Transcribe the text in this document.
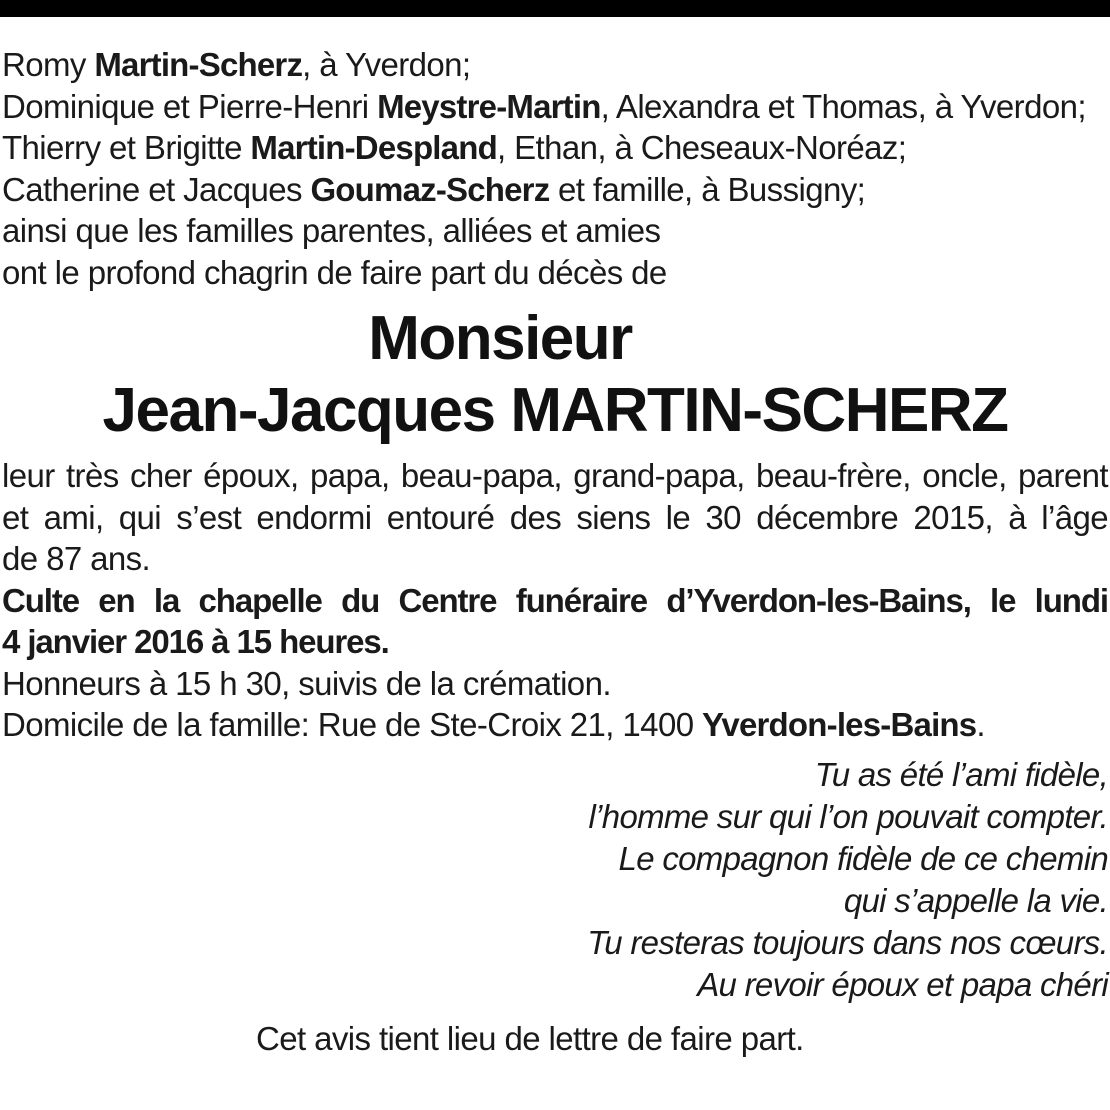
Romy Martin-Scherz, à Yverdon;
Dominique et Pierre-Henri Meystre-Martin, Alexandra et Thomas, à Yverdon;
Thierry et Brigitte Martin-Despland, Ethan, à Cheseaux-Noréaz;
Catherine et Jacques Goumaz-Scherz et famille, à Bussigny;
ainsi que les familles parentes, alliées et amies
ont le profond chagrin de faire part du décès de
Monsieur
Jean-Jacques MARTIN-SCHERZ
leur très cher époux, papa, beau-papa, grand-papa, beau-frère, oncle, parent
et ami, qui s’est endormi entouré des siens le 30 décembre 2015, à l’âge
de 87 ans.
Culte en la chapelle du Centre funéraire d’Yverdon-les-Bains, le lundi
4 janvier 2016 à 15 heures.
Honneurs à 15 h 30, suivis de la crémation.
Domicile de la famille: Rue de Ste-Croix 21, 1400 Yverdon-les-Bains.
Tu as été l’ami fidèle,
l’homme sur qui l’on pouvait compter.
Le compagnon fidèle de ce chemin
qui s’appelle la vie.
Tu resteras toujours dans nos cœurs.
Au revoir époux et papa chéri
Cet avis tient lieu de lettre de faire part.
